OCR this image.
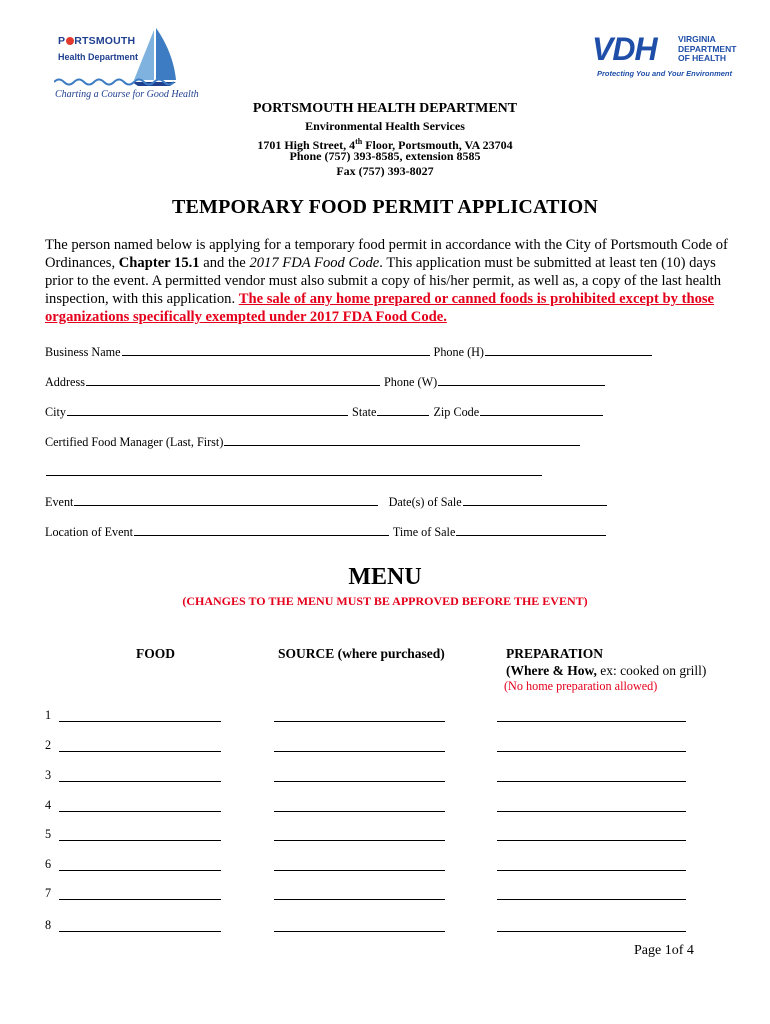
P RTSMOUTH
Health Department
Charting a Course for Good Health
VDH	VIRGINIA
DEPARTMENT
OF HEALTH
Protecting You and Your Environment
PORTSMOUTH HEALTH DEPARTMENT
Environmental Health Services
1701 High Street, 4th Floor, Portsmouth, VA 23704
Phone (757) 393-8585, extension 8585
Fax (757) 393-8027
TEMPORARY FOOD PERMIT APPLICATION
The person named below is applying for a temporary food permit in accordance with the City of Portsmouth Code of Ordinances, Chapter 15.1 and the 2017 FDA Food Code. This application must be submitted at least ten (10) days prior to the event. A permitted vendor must also submit a copy of his/her permit, as well as, a copy of the last health inspection, with this application. The sale of any home prepared or canned foods is prohibited except by those organizations specifically exempted under 2017 FDA Food Code.
Business Name	Phone (H)
Address	Phone (W)
City	State	Zip Code
Certified Food Manager (Last, First)
Event	Date(s) of Sale
Location of Event	Time of Sale
MENU
(CHANGES TO THE MENU MUST BE APPROVED BEFORE THE EVENT)
FOOD	SOURCE (where purchased)	PREPARATION
(Where & How, ex: cooked on grill)
(No home preparation allowed)
1
2
3
4
5
6
7
8
Page 1of 4
